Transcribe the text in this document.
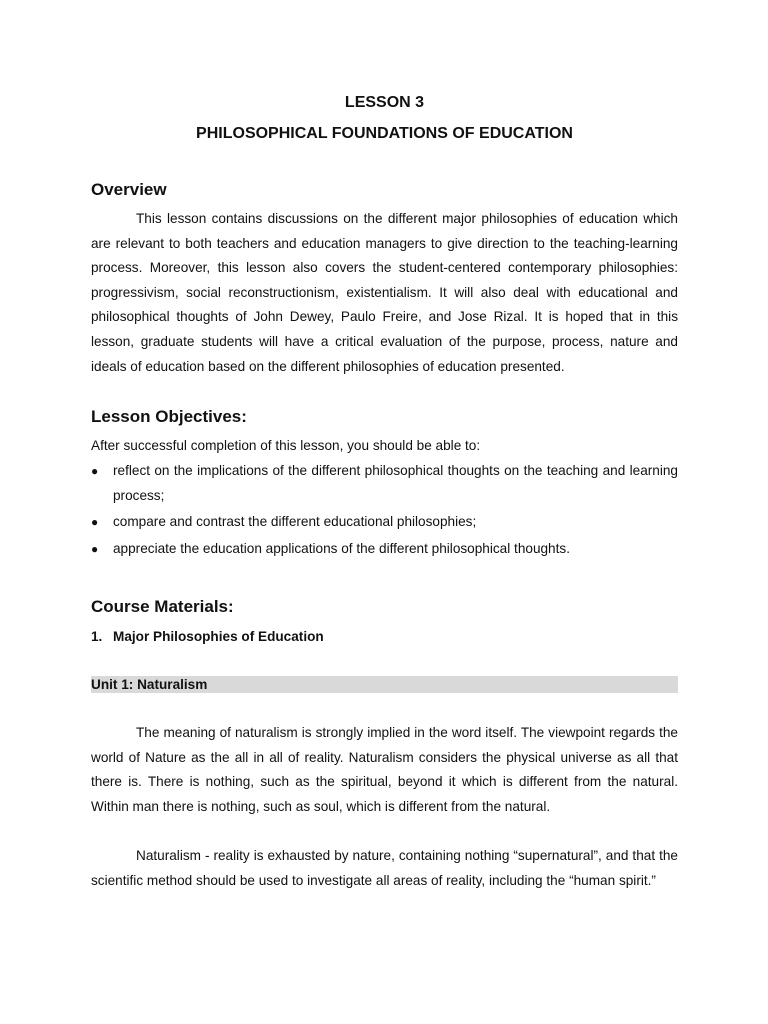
LESSON 3
PHILOSOPHICAL FOUNDATIONS OF EDUCATION
Overview

This lesson contains discussions on the different major philosophies of education which are relevant to both teachers and education managers to give direction to the teaching-learning process. Moreover, this lesson also covers the student-centered contemporary philosophies: progressivism, social reconstructionism, existentialism. It will also deal with educational and philosophical thoughts of John Dewey, Paulo Freire, and Jose Rizal. It is hoped that in this lesson, graduate students will have a critical evaluation of the purpose, process, nature and ideals of education based on the different philosophies of education presented.

Lesson Objectives:
After successful completion of this lesson, you should be able to:
● reflect on the implications of the different philosophical thoughts on the teaching and learning process;
● compare and contrast the different educational philosophies;
● appreciate the education applications of the different philosophical thoughts.
Course Materials:
1. Major Philosophies of Education
Unit 1: Naturalism

The meaning of naturalism is strongly implied in the word itself. The viewpoint regards the world of Nature as the all in all of reality. Naturalism considers the physical universe as all that there is. There is nothing, such as the spiritual, beyond it which is different from the natural. Within man there is nothing, such as soul, which is different from the natural.

Naturalism - reality is exhausted by nature, containing nothing “supernatural”, and that the scientific method should be used to investigate all areas of reality, including the “human spirit.”
